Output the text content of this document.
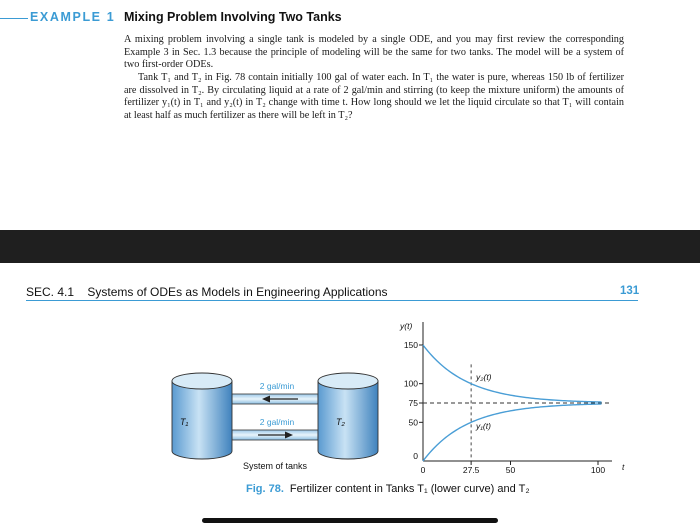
EXAMPLE 1 Mixing Problem Involving Two Tanks

A mixing problem involving a single tank is modeled by a single ODE, and you may first review the corresponding Example 3 in Sec. 1.3 because the principle of modeling will be the same for two tanks. The model will be a system of two first-order ODEs.

Tank T₁ and T₂ in Fig. 78 contain initially 100 gal of water each. In T₁ the water is pure, whereas 150 lb of fertilizer are dissolved in T₂. By circulating liquid at a rate of 2 gal/min and stirring (to keep the mixture uniform) the amounts of fertilizer y₁(t) in T₁ and y₂(t) in T₂ change with time t. How long should we let the liquid circulate so that T₁ will contain at least half as much fertilizer as there will be left in T₂?

SEC. 4.1 Systems of ODEs as Models in Engineering Applications	131
2 gal/min
2 gal/min
T₁	T₂
System of tanks
y(t)
t
150
100
75
50
0
0	27.5	50	100
y₂(t)
y₁(t)
Fig. 78. Fertilizer content in Tanks T₁ (lower curve) and T₂
